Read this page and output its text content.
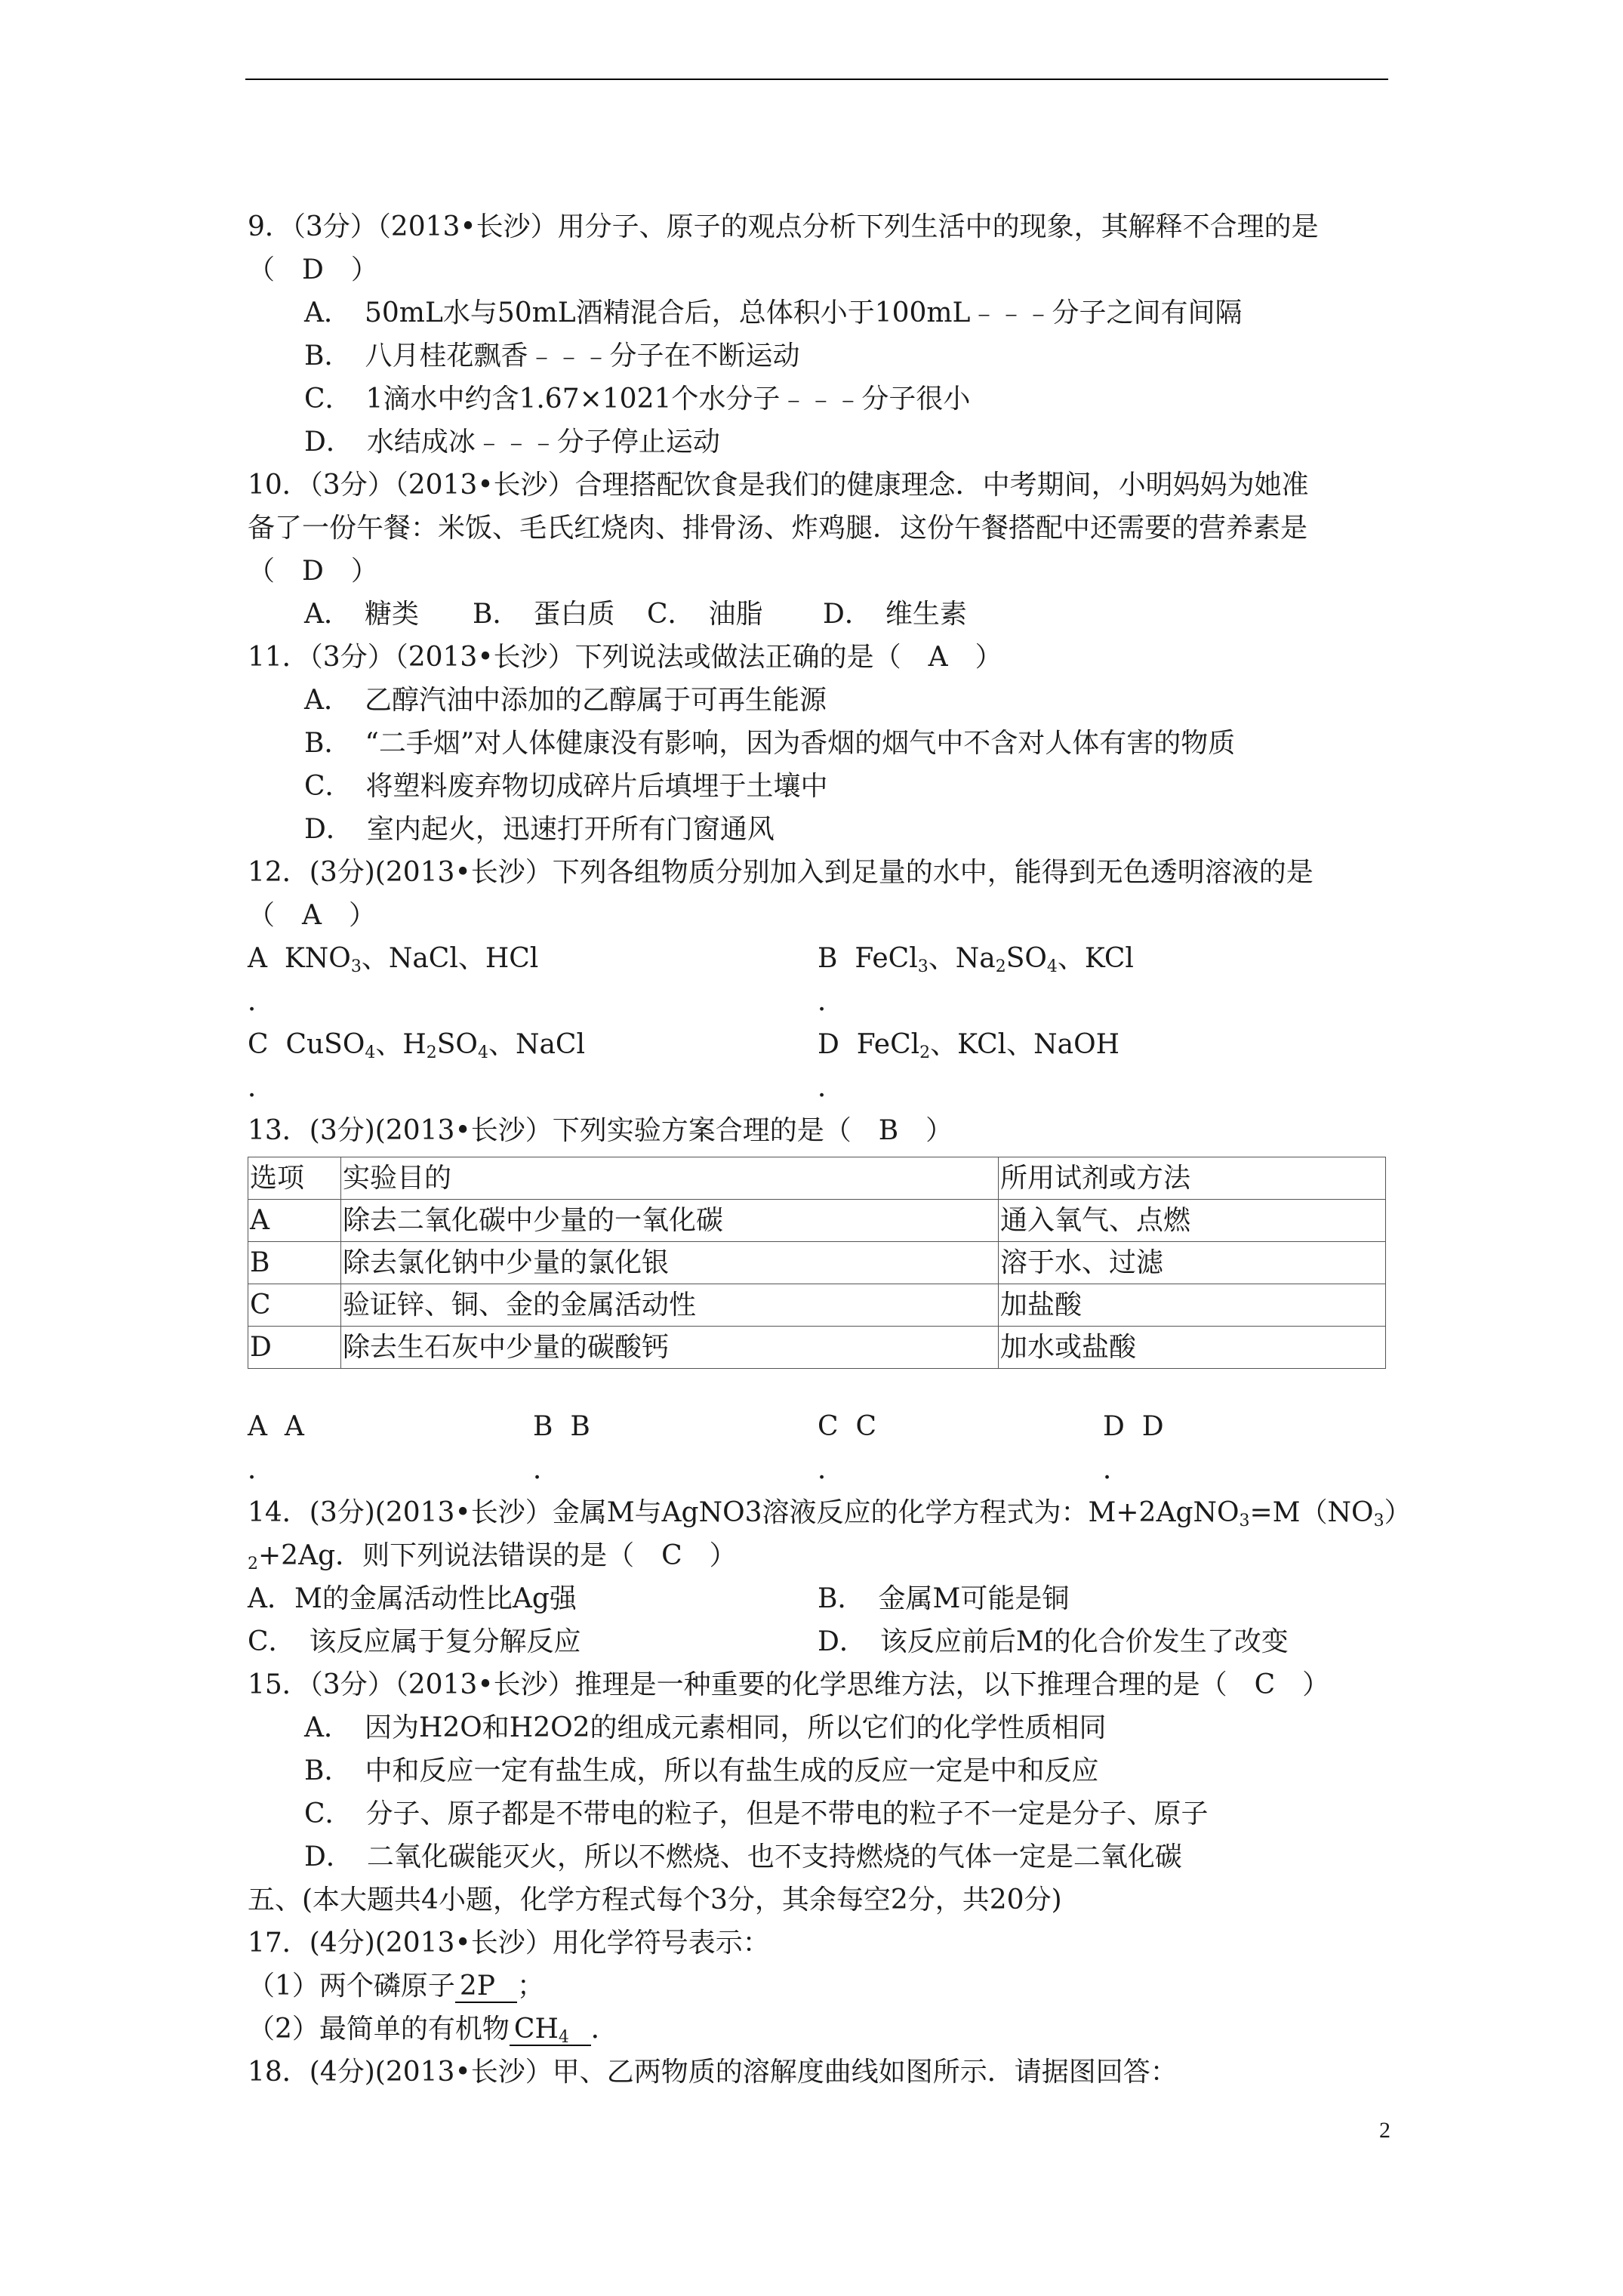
9．（3分）（2013•长沙）用分子、原子的观点分析下列生活中的现象，其解释不合理的是
（　D　）
A．　50mL水与50mL酒精混合后，总体积小于100mL﹣﹣﹣分子之间有间隔
B．　八月桂花飘香﹣﹣﹣分子在不断运动
C．　1滴水中约含1.67×1021个水分子﹣﹣﹣分子很小
D．　水结成冰﹣﹣﹣分子停止运动
10．（3分）（2013•长沙）合理搭配饮食是我们的健康理念．中考期间，小明妈妈为她准
备了一份午餐：米饭、毛氏红烧肉、排骨汤、炸鸡腿．这份午餐搭配中还需要的营养素是
（　D　）
A．　糖类 B．　蛋白质 C．　油脂 D．　维生素
11．（3分）（2013•长沙）下列说法或做法正确的是（　A　）
A．　乙醇汽油中添加的乙醇属于可再生能源
B．　“二手烟”对人体健康没有影响，因为香烟的烟气中不含对人体有害的物质
C．　将塑料废弃物切成碎片后填埋于土壤中
D．　室内起火，迅速打开所有门窗通风
12．(3分)(2013•长沙）下列各组物质分别加入到足量的水中，能得到无色透明溶液的是
（　A　）
A $KNO_3$、NaCl、HCl	B FeCl$_3$、$Na_2SO_4$、KCl
．	．
C CuSO$_4$、$H_2SO_4$、NaCl	D FeCl$_2$、KCl、NaOH
．	．
13．(3分)(2013•长沙）下列实验方案合理的是（　B　）
选项	实验目的	所用试剂或方法
A	除去二氧化碳中少量的一氧化碳	通入氧气、点燃
B	除去氯化钠中少量的氯化银	溶于水、过滤
C	验证锌、铜、金的金属活动性	加盐酸
D	除去生石灰中少量的碳酸钙	加水或盐酸
A A	B B	C C	D D
．	．	．	．
14．(3分)(2013•长沙）金属M与AgNO3溶液反应的化学方程式为：$M+2AgNO_3=M(NO_3)$
$_2$+2Ag．则下列说法错误的是（　C　）
A．M的金属活动性比Ag强	B．　金属M可能是铜
C．　该反应属于复分解反应	D．　该反应前后M的化合价发生了改变
15．（3分）（2013•长沙）推理是一种重要的化学思维方法，以下推理合理的是（　C　）
A．　因为H2O和H2O2的组成元素相同，所以它们的化学性质相同
B．　中和反应一定有盐生成，所以有盐生成的反应一定是中和反应
C．　分子、原子都是不带电的粒子，但是不带电的粒子不一定是分子、原子
D．　二氧化碳能灭火，所以不燃烧、也不支持燃烧的气体一定是二氧化碳
五、(本大题共4小题，化学方程式每个3分，其余每空2分，共20分)
17．(4分)(2013•长沙）用化学符号表示：
（1）两个磷原子 2P ；
（2）最简单的有机物 $CH_4$ ．
18．(4分)(2013•长沙）甲、乙两物质的溶解度曲线如图所示．请据图回答：
2
